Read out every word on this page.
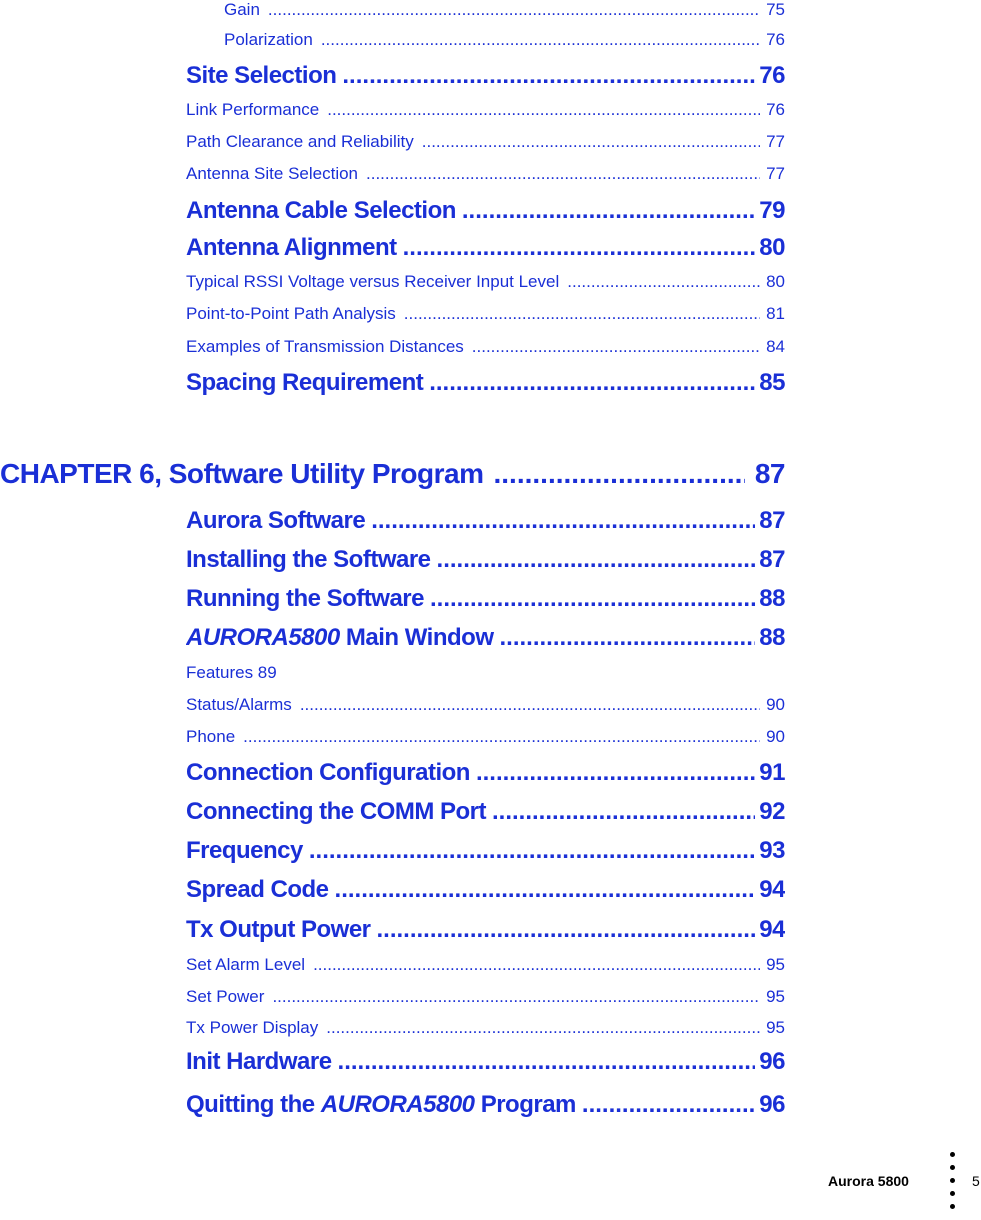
Gain .....	75
Polarization .....	76
Site Selection .....	76
Link Performance .....	76
Path Clearance and Reliability .....	77
Antenna Site Selection .....	77
Antenna Cable Selection .....	79
Antenna Alignment .....	80
Typical RSSI Voltage versus Receiver Input Level .....	80
Point-to-Point Path Analysis .....	81
Examples of Transmission Distances .....	84
Spacing Requirement .....	85
CHAPTER 6, Software Utility Program .....	87
Aurora Software .....	87
Installing the Software .....	87
Running the Software .....	88
AURORA5800 Main Window .....	88
Features 89
Status/Alarms .....	90
Phone .....	90
Connection Configuration .....	91
Connecting the COMM Port .....	92
Frequency .....	93
Spread Code .....	94
Tx Output Power .....	94
Set Alarm Level .....	95
Set Power .....	95
Tx Power Display .....	95
Init Hardware .....	96
Quitting the AURORA5800 Program .....	96
Aurora 5800	5
